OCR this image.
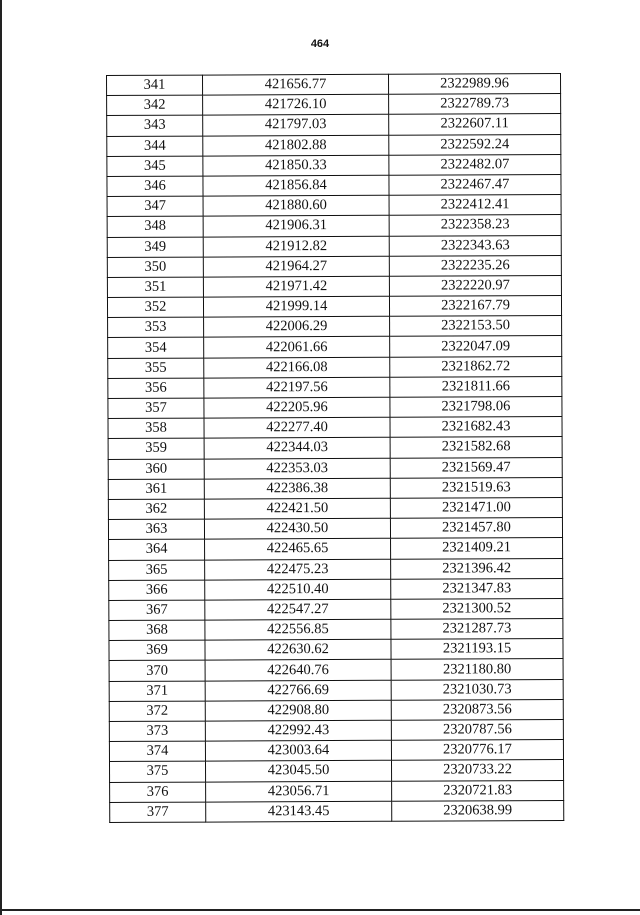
464
341	421656.77	2322989.96
342	421726.10	2322789.73
343	421797.03	2322607.11
344	421802.88	2322592.24
345	421850.33	2322482.07
346	421856.84	2322467.47
347	421880.60	2322412.41
348	421906.31	2322358.23
349	421912.82	2322343.63
350	421964.27	2322235.26
351	421971.42	2322220.97
352	421999.14	2322167.79
353	422006.29	2322153.50
354	422061.66	2322047.09
355	422166.08	2321862.72
356	422197.56	2321811.66
357	422205.96	2321798.06
358	422277.40	2321682.43
359	422344.03	2321582.68
360	422353.03	2321569.47
361	422386.38	2321519.63
362	422421.50	2321471.00
363	422430.50	2321457.80
364	422465.65	2321409.21
365	422475.23	2321396.42
366	422510.40	2321347.83
367	422547.27	2321300.52
368	422556.85	2321287.73
369	422630.62	2321193.15
370	422640.76	2321180.80
371	422766.69	2321030.73
372	422908.80	2320873.56
373	422992.43	2320787.56
374	423003.64	2320776.17
375	423045.50	2320733.22
376	423056.71	2320721.83
377	423143.45	2320638.99
